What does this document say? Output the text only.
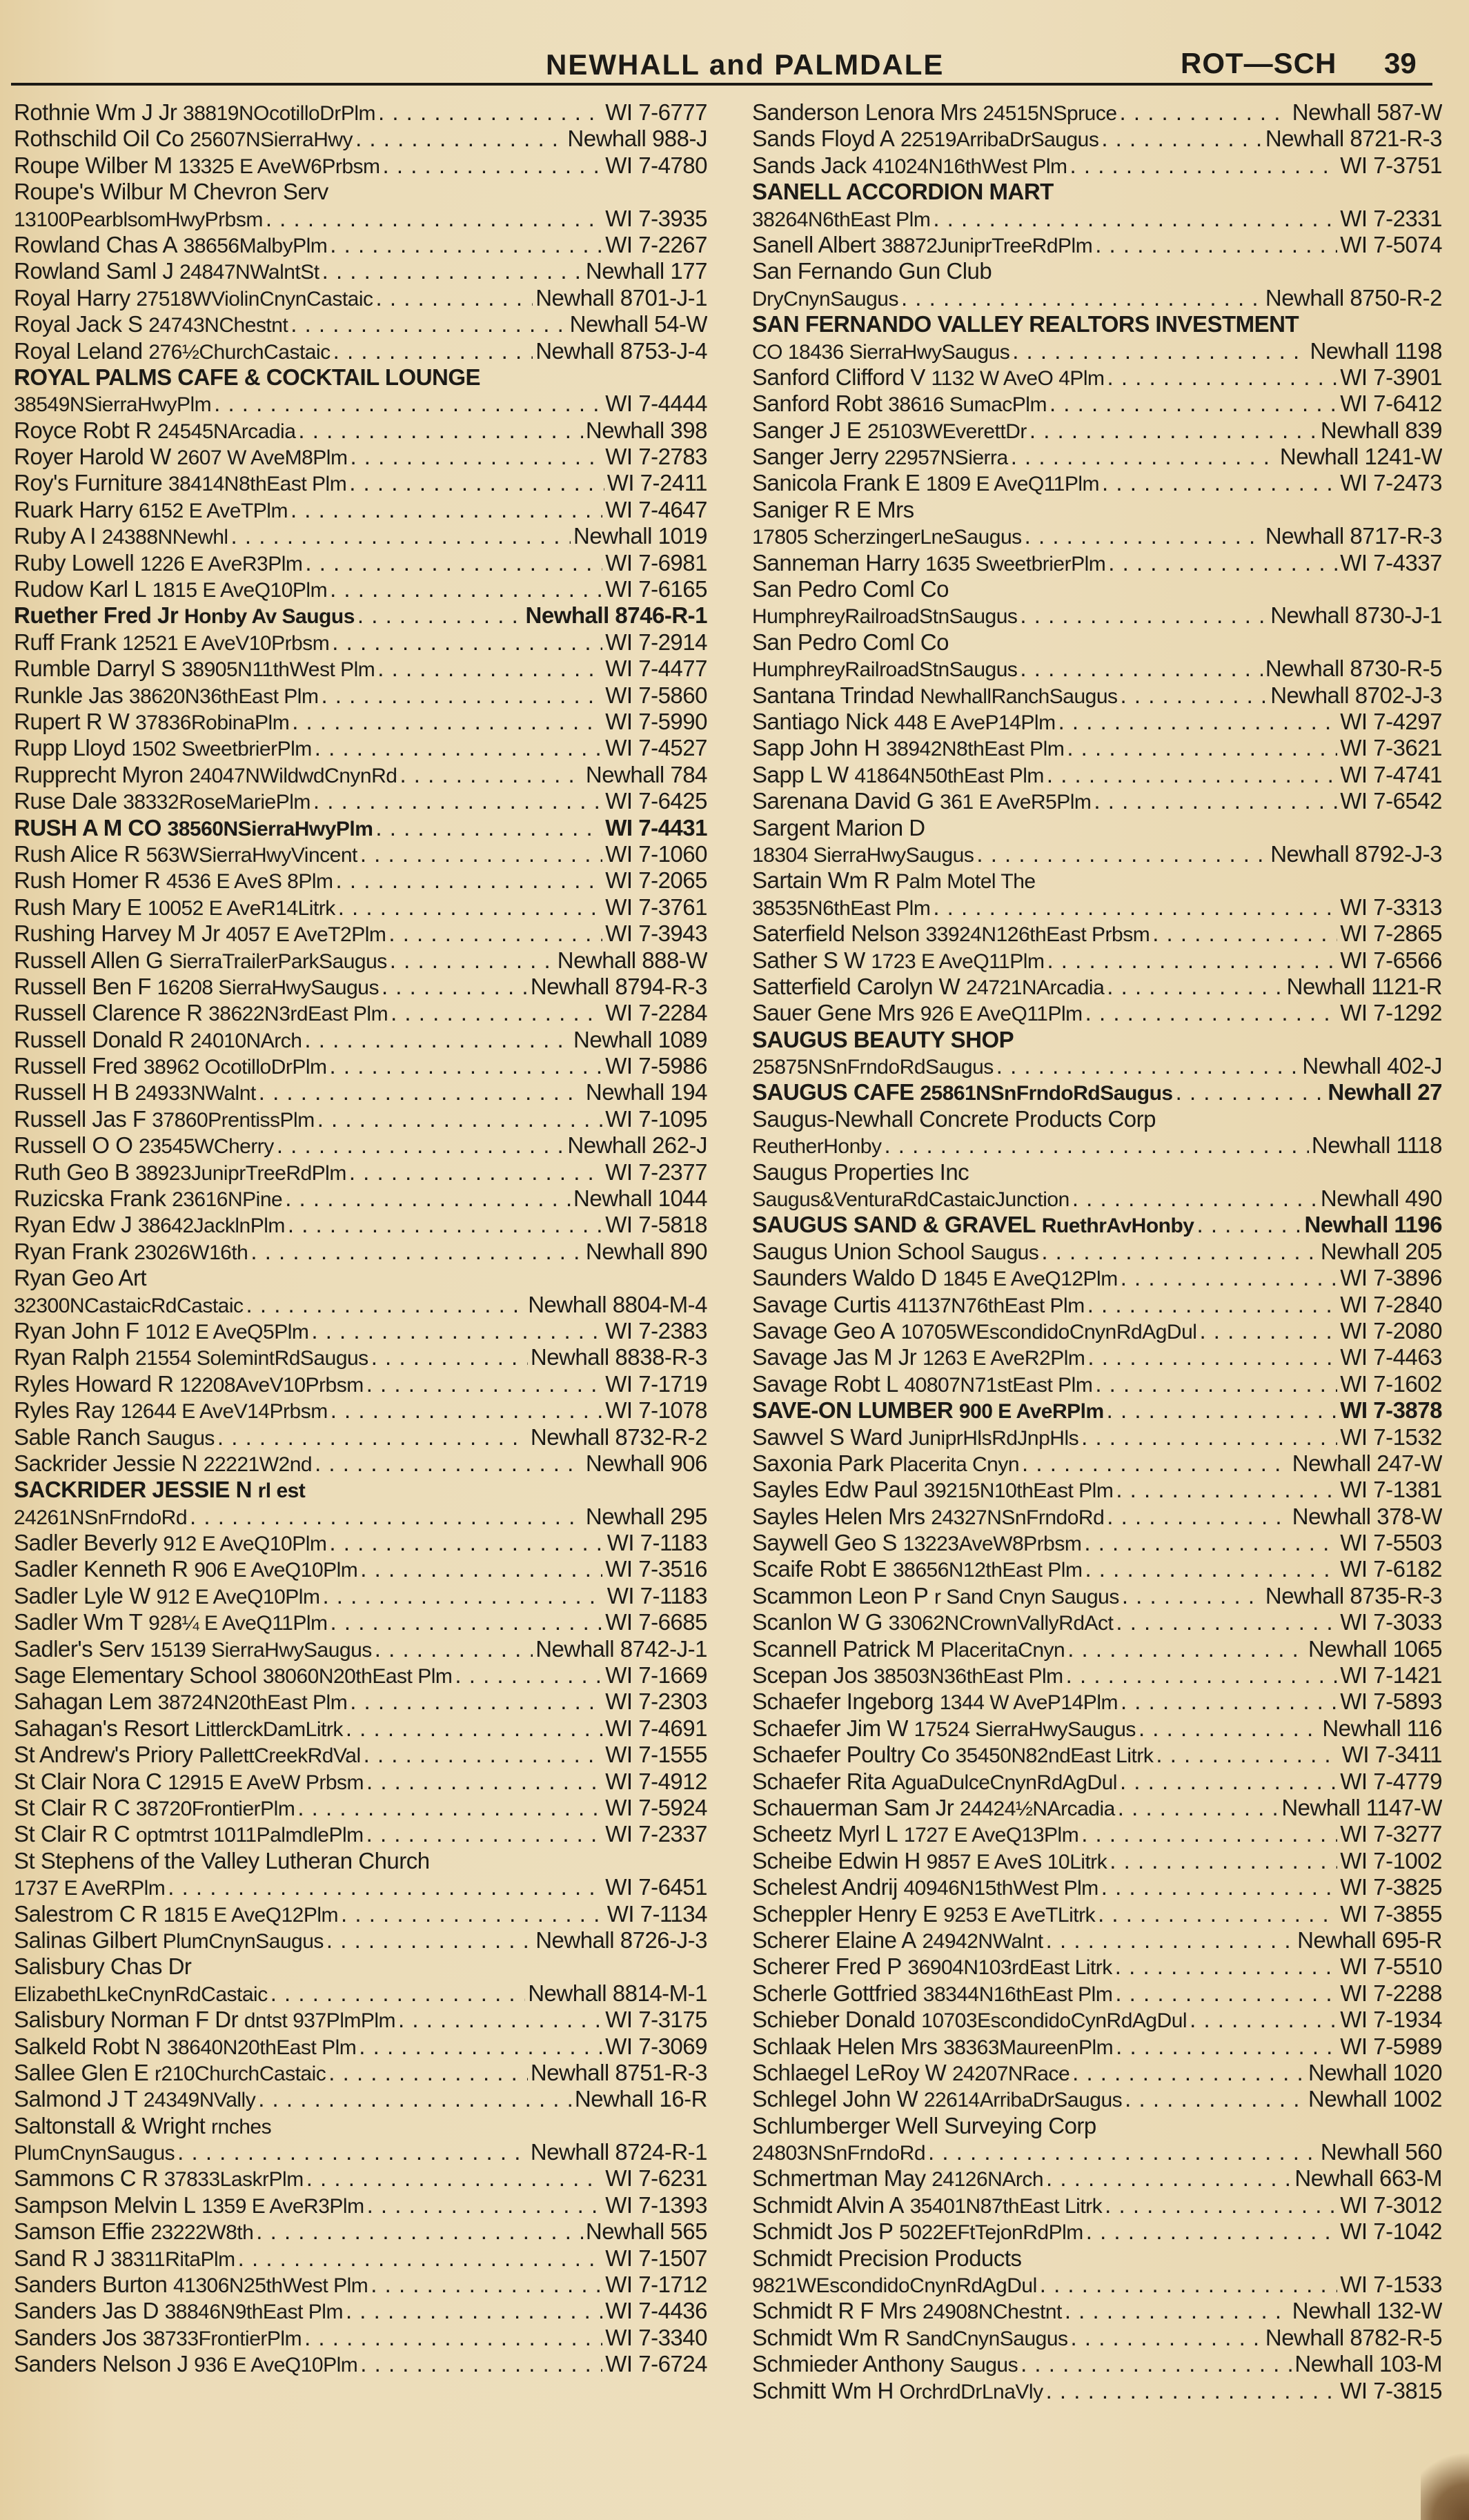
NEWHALL and PALMDALE	ROT—SCH 39
Rothnie Wm J Jr
38819NOcotilloDrPlm . . .	WI 7-6777
Rothschild Oil Co
25607NSierraHwy . . .	Newhall 988-J
Roupe Wilber M
13325 E AveW6Prbsm . . .	WI 7-4780
Roupe's Wilbur M Chevron Serv
13100PearblsomHwyPrbsm . . .	WI 7-3935
Rowland Chas A
38656MalbyPlm . . .	WI 7-2267
Rowland Saml J
24847NWalntSt . . .	Newhall 177
Royal Harry
27518WViolinCnynCastaic . . .	Newhall 8701-J-1
Royal Jack S
24743NChestnt . . .	Newhall 54-W
Royal Leland
276½ChurchCastaic . . .	Newhall 8753-J-4
ROYAL PALMS CAFE & COCKTAIL LOUNGE
38549NSierraHwyPlm . . .	WI 7-4444
Royce Robt R
24545NArcadia . . .	Newhall 398
Royer Harold W
2607 W AveM8Plm . . .	WI 7-2783
Roy's Furniture
38414N8thEast Plm . . .	WI 7-2411
Ruark Harry
6152 E AveTPlm . . .	WI 7-4647
Ruby A I
24388NNewhl . . .	Newhall 1019
Ruby Lowell
1226 E AveR3Plm . . .	WI 7-6981
Rudow Karl L
1815 E AveQ10Plm . . .	WI 7-6165
Ruether Fred Jr
Honby Av Saugus . . .	Newhall 8746-R-1
Ruff Frank
12521 E AveV10Prbsm . . .	WI 7-2914
Rumble Darryl S
38905N11thWest Plm . . .	WI 7-4477
Runkle Jas
38620N36thEast Plm . . .	WI 7-5860
Rupert R W
37836RobinaPlm . . .	WI 7-5990
Rupp Lloyd
1502 SweetbrierPlm . . .	WI 7-4527
Rupprecht Myron
24047NWildwdCnynRd . . .	Newhall 784
Ruse Dale
38332RoseMariePlm . . .	WI 7-6425
RUSH A M CO
38560NSierraHwyPlm . . .	WI 7-4431
Rush Alice R
563WSierraHwyVincent . . .	WI 7-1060
Rush Homer R
4536 E AveS 8Plm . . .	WI 7-2065
Rush Mary E
10052 E AveR14Litrk . . .	WI 7-3761
Rushing Harvey M Jr
4057 E AveT2Plm . . .	WI 7-3943
Russell Allen G
SierraTrailerParkSaugus . . .	Newhall 888-W
Russell Ben F
16208 SierraHwySaugus . . .	Newhall 8794-R-3
Russell Clarence R
38622N3rdEast Plm . . .	WI 7-2284
Russell Donald R
24010NArch . . .	Newhall 1089
Russell Fred
38962 OcotilloDrPlm . . .	WI 7-5986
Russell H B
24933NWalnt . . .	Newhall 194
Russell Jas F
37860PrentissPlm . . .	WI 7-1095
Russell O O
23545WCherry . . .	Newhall 262-J
Ruth Geo B
38923JuniprTreeRdPlm . . .	WI 7-2377
Ruzicska Frank
23616NPine . . .	Newhall 1044
Ryan Edw J
38642JacklnPlm . . .	WI 7-5818
Ryan Frank
23026W16th . . .	Newhall 890
Ryan Geo Art
32300NCastaicRdCastaic . . .	Newhall 8804-M-4
Ryan John F
1012 E AveQ5Plm . . .	WI 7-2383
Ryan Ralph
21554 SolemintRdSaugus . . .	Newhall 8838-R-3
Ryles Howard R
12208AveV10Prbsm . . .	WI 7-1719
Ryles Ray
12644 E AveV14Prbsm . . .	WI 7-1078
Sable Ranch
Saugus . . .	Newhall 8732-R-2
Sackrider Jessie N
22221W2nd . . .	Newhall 906
SACKRIDER JESSIE N
rl est
24261NSnFrndoRd . . .	Newhall 295
Sadler Beverly
912 E AveQ10Plm . . .	WI 7-1183
Sadler Kenneth R
906 E AveQ10Plm . . .	WI 7-3516
Sadler Lyle W
912 E AveQ10Plm . . .	WI 7-1183
Sadler Wm T
928¼ E AveQ11Plm . . .	WI 7-6685
Sadler's Serv
15139 SierraHwySaugus . . .	Newhall 8742-J-1
Sage Elementary School
38060N20thEast Plm . . .	WI 7-1669
Sahagan Lem
38724N20thEast Plm . . .	WI 7-2303
Sahagan's Resort
LittlerckDamLitrk . . .	WI 7-4691
St Andrew's Priory
PallettCreekRdVal . . .	WI 7-1555
St Clair Nora C
12915 E AveW Prbsm . . .	WI 7-4912
St Clair R C
38720FrontierPlm . . .	WI 7-5924
St Clair R C
optmtrst 1011PalmdlePlm . . .	WI 7-2337
St Stephens of the Valley Lutheran Church
1737 E AveRPlm . . .	WI 7-6451
Salestrom C R
1815 E AveQ12Plm . . .	WI 7-1134
Salinas Gilbert
PlumCnynSaugus . . .	Newhall 8726-J-3
Salisbury Chas Dr
ElizabethLkeCnynRdCastaic . . .	Newhall 8814-M-1
Salisbury Norman F Dr
dntst 937PlmPlm . . .	WI 7-3175
Salkeld Robt N
38640N20thEast Plm . . .	WI 7-3069
Sallee Glen E
r210ChurchCastaic . . .	Newhall 8751-R-3
Salmond J T
24349NVally . . .	Newhall 16-R
Saltonstall & Wright
rnches
PlumCnynSaugus . . .	Newhall 8724-R-1
Sammons C R
37833LaskrPlm . . .	WI 7-6231
Sampson Melvin L
1359 E AveR3Plm . . .	WI 7-1393
Samson Effie
23222W8th . . .	Newhall 565
Sand R J
38311RitaPlm . . .	WI 7-1507
Sanders Burton
41306N25thWest Plm . . .	WI 7-1712
Sanders Jas D
38846N9thEast Plm . . .	WI 7-4436
Sanders Jos
38733FrontierPlm . . .	WI 7-3340
Sanders Nelson J
936 E AveQ10Plm . . .	WI 7-6724
Sanderson Lenora Mrs
24515NSpruce . . .	Newhall 587-W
Sands Floyd A
22519ArribaDrSaugus . . .	Newhall 8721-R-3
Sands Jack
41024N16thWest Plm . . .	WI 7-3751
SANELL ACCORDION MART
38264N6thEast Plm . . .	WI 7-2331
Sanell Albert
38872JuniprTreeRdPlm . . .	WI 7-5074
San Fernando Gun Club
DryCnynSaugus . . .	Newhall 8750-R-2
SAN FERNANDO VALLEY REALTORS INVESTMENT
CO 18436 SierraHwySaugus . . .	Newhall 1198
Sanford Clifford V
1132 W AveO 4Plm . . .	WI 7-3901
Sanford Robt
38616 SumacPlm . . .	WI 7-6412
Sanger J E
25103WEverettDr . . .	Newhall 839
Sanger Jerry
22957NSierra . . .	Newhall 1241-W
Sanicola Frank E
1809 E AveQ11Plm . . .	WI 7-2473
Saniger R E Mrs
17805 ScherzingerLneSaugus . . .	Newhall 8717-R-3
Sanneman Harry
1635 SweetbrierPlm . . .	WI 7-4337
San Pedro Coml Co
HumphreyRailroadStnSaugus . . .	Newhall 8730-J-1
San Pedro Coml Co
HumphreyRailroadStnSaugus . . .	Newhall 8730-R-5
Santana Trindad
NewhallRanchSaugus . . .	Newhall 8702-J-3
Santiago Nick
448 E AveP14Plm . . .	WI 7-4297
Sapp John H
38942N8thEast Plm . . .	WI 7-3621
Sapp L W
41864N50thEast Plm . . .	WI 7-4741
Sarenana David G
361 E AveR5Plm . . .	WI 7-6542
Sargent Marion D
18304 SierraHwySaugus . . .	Newhall 8792-J-3
Sartain Wm R
Palm Motel The
38535N6thEast Plm . . .	WI 7-3313
Saterfield Nelson
33924N126thEast Prbsm . . .	WI 7-2865
Sather S W
1723 E AveQ11Plm . . .	WI 7-6566
Satterfield Carolyn W
24721NArcadia . . .	Newhall 1121-R
Sauer Gene Mrs
926 E AveQ11Plm . . .	WI 7-1292
SAUGUS BEAUTY SHOP
25875NSnFrndoRdSaugus . . .	Newhall 402-J
SAUGUS CAFE
25861NSnFrndoRdSaugus . . .	Newhall 27
Saugus-Newhall Concrete Products Corp
ReutherHonby . . .	Newhall 1118
Saugus Properties Inc
Saugus&VenturaRdCastaicJunction . . .	Newhall 490
SAUGUS SAND & GRAVEL
RuethrAvHonby . . .	Newhall 1196
Saugus Union School
Saugus . . .	Newhall 205
Saunders Waldo D
1845 E AveQ12Plm . . .	WI 7-3896
Savage Curtis
41137N76thEast Plm . . .	WI 7-2840
Savage Geo A
10705WEscondidoCnynRdAgDul . . .	WI 7-2080
Savage Jas M Jr
1263 E AveR2Plm . . .	WI 7-4463
Savage Robt L
40807N71stEast Plm . . .	WI 7-1602
SAVE-ON LUMBER
900 E AveRPlm . . .	WI 7-3878
Sawvel S Ward
JuniprHlsRdJnpHls . . .	WI 7-1532
Saxonia Park
Placerita Cnyn . . .	Newhall 247-W
Sayles Edw Paul
39215N10thEast Plm . . .	WI 7-1381
Sayles Helen Mrs
24327NSnFrndoRd . . .	Newhall 378-W
Saywell Geo S
13223AveW8Prbsm . . .	WI 7-5503
Scaife Robt E
38656N12thEast Plm . . .	WI 7-6182
Scammon Leon P
r Sand Cnyn Saugus . . .	Newhall 8735-R-3
Scanlon W G
33062NCrownVallyRdAct . . .	WI 7-3033
Scannell Patrick M
PlaceritaCnyn . . .	Newhall 1065
Scepan Jos
38503N36thEast Plm . . .	WI 7-1421
Schaefer Ingeborg
1344 W AveP14Plm . . .	WI 7-5893
Schaefer Jim W
17524 SierraHwySaugus . . .	Newhall 116
Schaefer Poultry Co
35450N82ndEast Litrk . . .	WI 7-3411
Schaefer Rita
AguaDulceCnynRdAgDul . . .	WI 7-4779
Schauerman Sam Jr
24424½NArcadia . . .	Newhall 1147-W
Scheetz Myrl L
1727 E AveQ13Plm . . .	WI 7-3277
Scheibe Edwin H
9857 E AveS 10Litrk . . .	WI 7-1002
Schelest Andrij
40946N15thWest Plm . . .	WI 7-3825
Scheppler Henry E
9253 E AveTLitrk . . .	WI 7-3855
Scherer Elaine A
24942NWalnt . . .	Newhall 695-R
Scherer Fred P
36904N103rdEast Litrk . . .	WI 7-5510
Scherle Gottfried
38344N16thEast Plm . . .	WI 7-2288
Schieber Donald
10703EscondidoCynRdAgDul . . .	WI 7-1934
Schlaak Helen Mrs
38363MaureenPlm . . .	WI 7-5989
Schlaegel LeRoy W
24207NRace . . .	Newhall 1020
Schlegel John W
22614ArribaDrSaugus . . .	Newhall 1002
Schlumberger Well Surveying Corp
24803NSnFrndoRd . . .	Newhall 560
Schmertman May
24126NArch . . .	Newhall 663-M
Schmidt Alvin A
35401N87thEast Litrk . . .	WI 7-3012
Schmidt Jos P
5022EFtTejonRdPlm . . .	WI 7-1042
Schmidt Precision Products
9821WEscondidoCnynRdAgDul . . .	WI 7-1533
Schmidt R F Mrs
24908NChestnt . . .	Newhall 132-W
Schmidt Wm R
SandCnynSaugus . . .	Newhall 8782-R-5
Schmieder Anthony
Saugus . . .	Newhall 103-M
Schmitt Wm H
OrchrdDrLnaVly . . .	WI 7-3815
